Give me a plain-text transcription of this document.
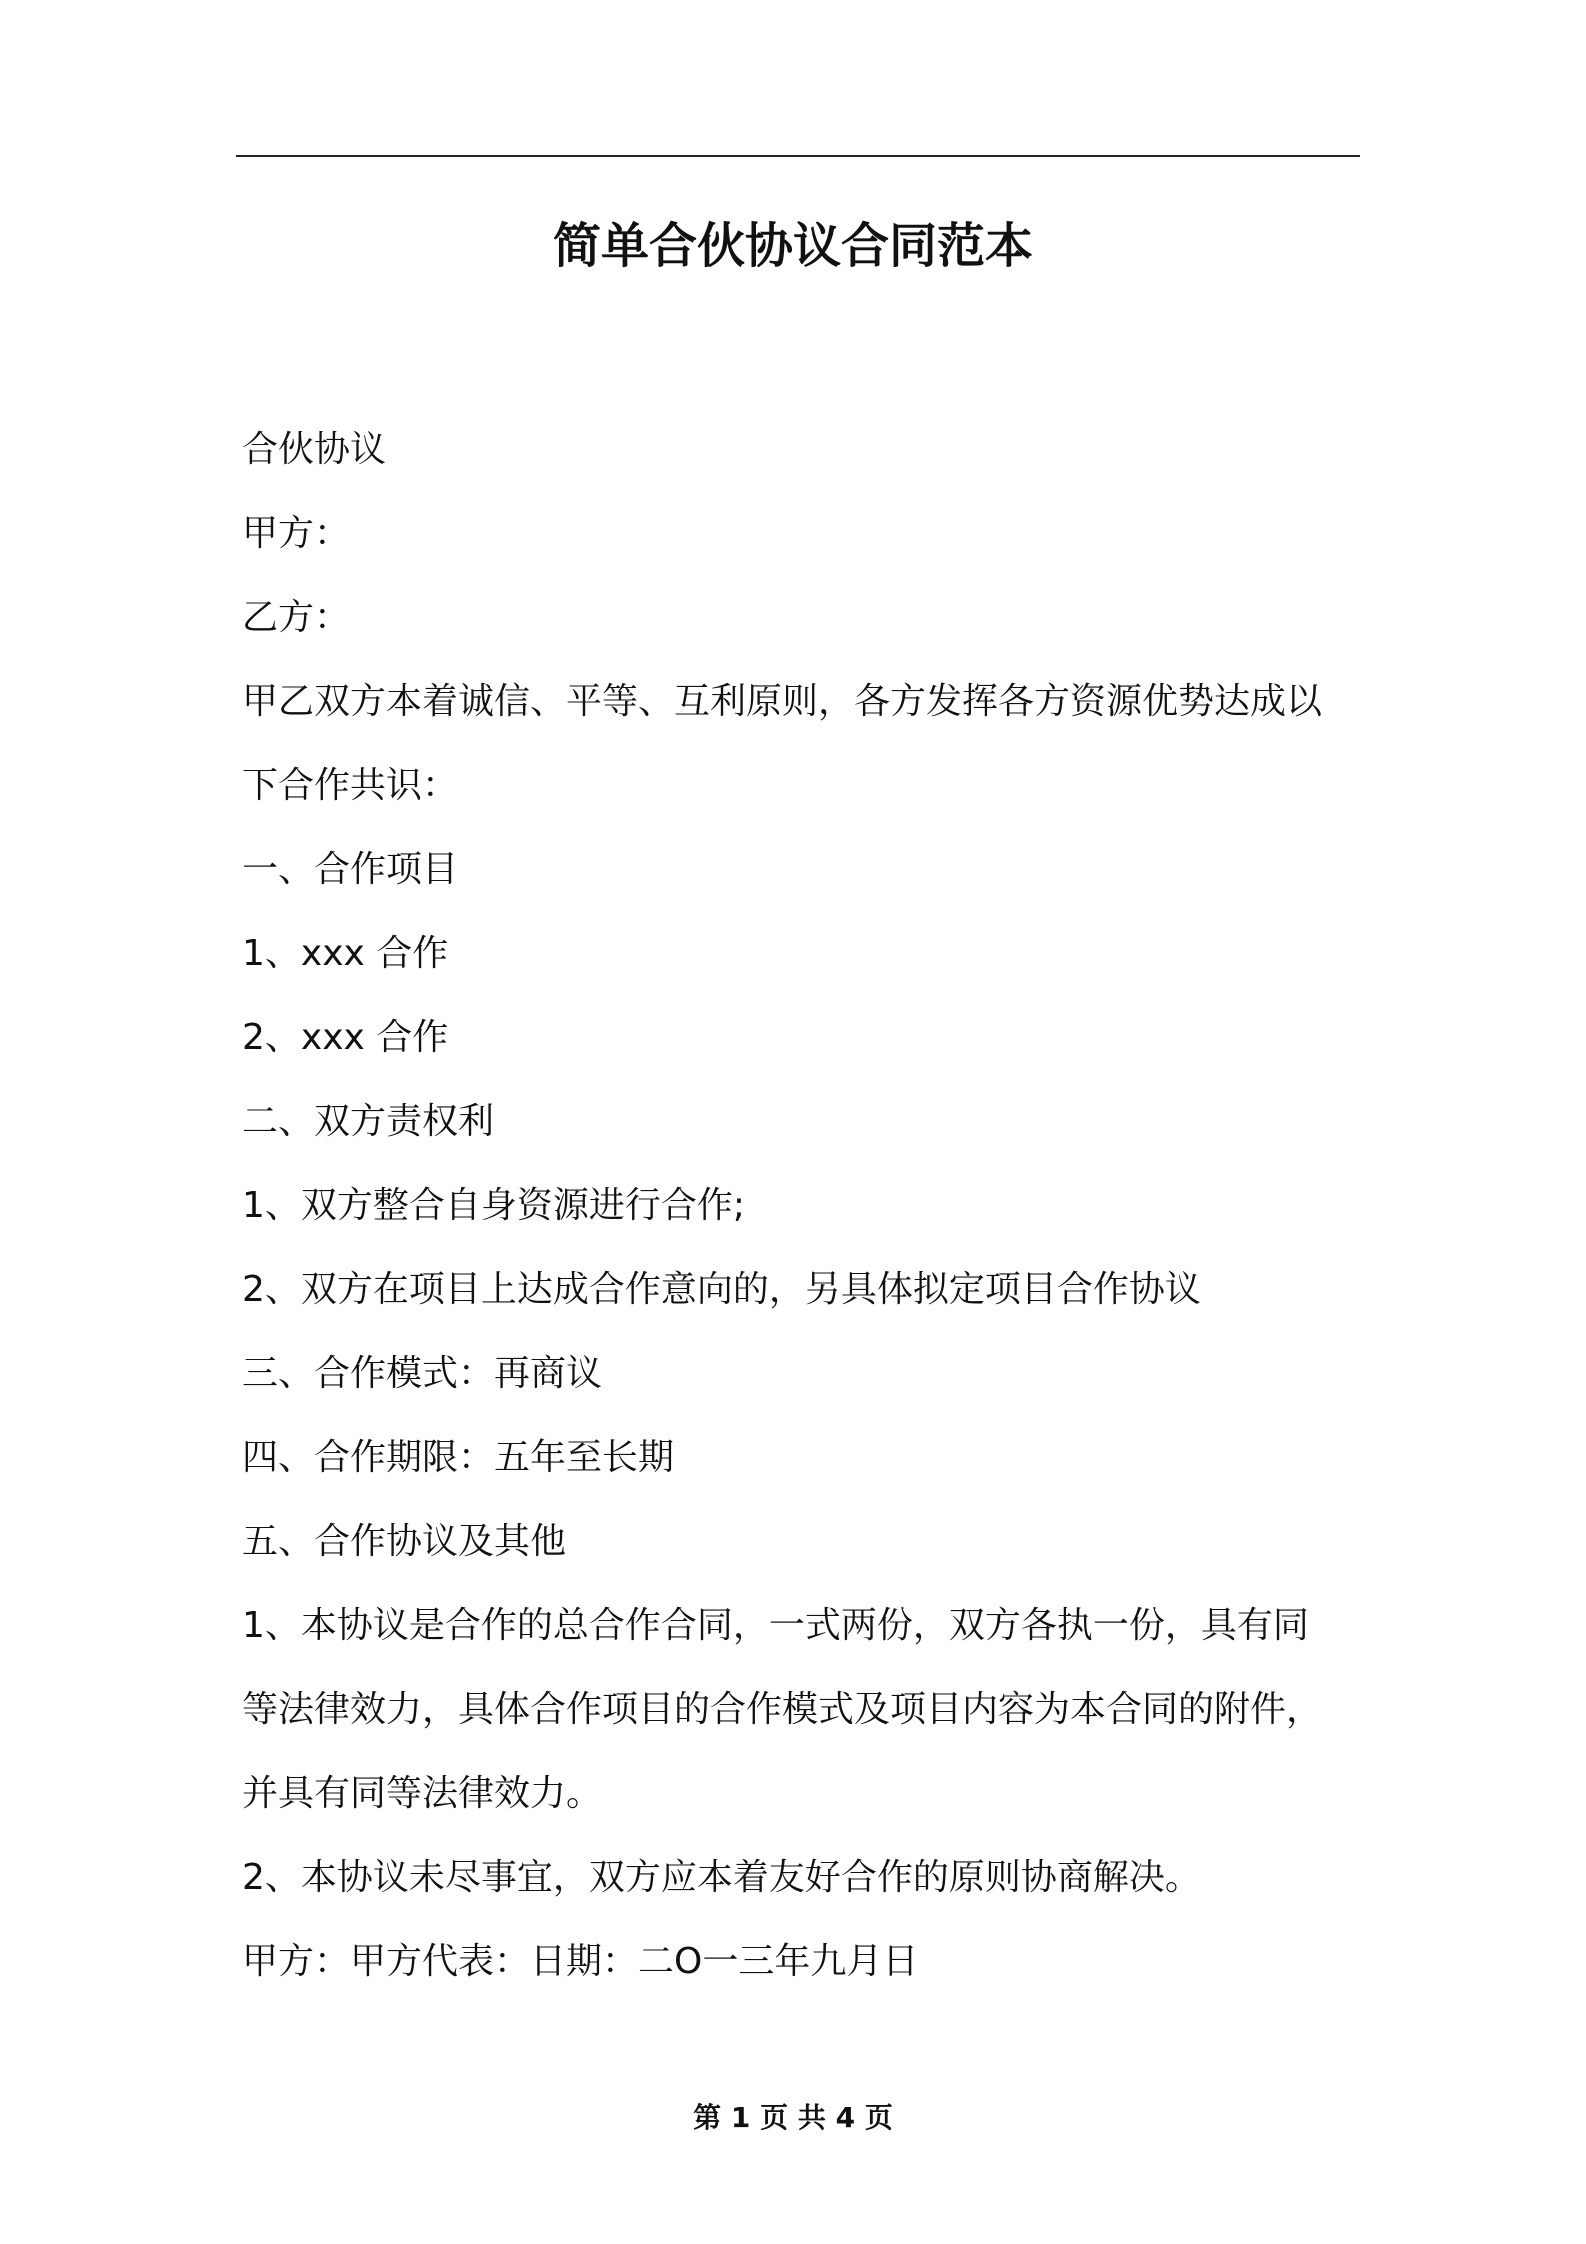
简单合伙协议合同范本

合伙协议

甲方：

乙方：

甲乙双方本着诚信、平等、互利原则，各方发挥各方资源优势达成以

下合作共识：

一、合作项目

1、xxx 合作

2、xxx 合作

二、双方责权利

1、双方整合自身资源进行合作;

2、双方在项目上达成合作意向的，另具体拟定项目合作协议

三、合作模式：再商议

四、合作期限：五年至长期

五、合作协议及其他

1、本协议是合作的总合作合同，一式两份，双方各执一份，具有同

等法律效力，具体合作项目的合作模式及项目内容为本合同的附件，

并具有同等法律效力。

2、本协议未尽事宜，双方应本着友好合作的原则协商解决。

甲方：甲方代表：日期：二O一三年九月日

第 1 页 共 4 页
